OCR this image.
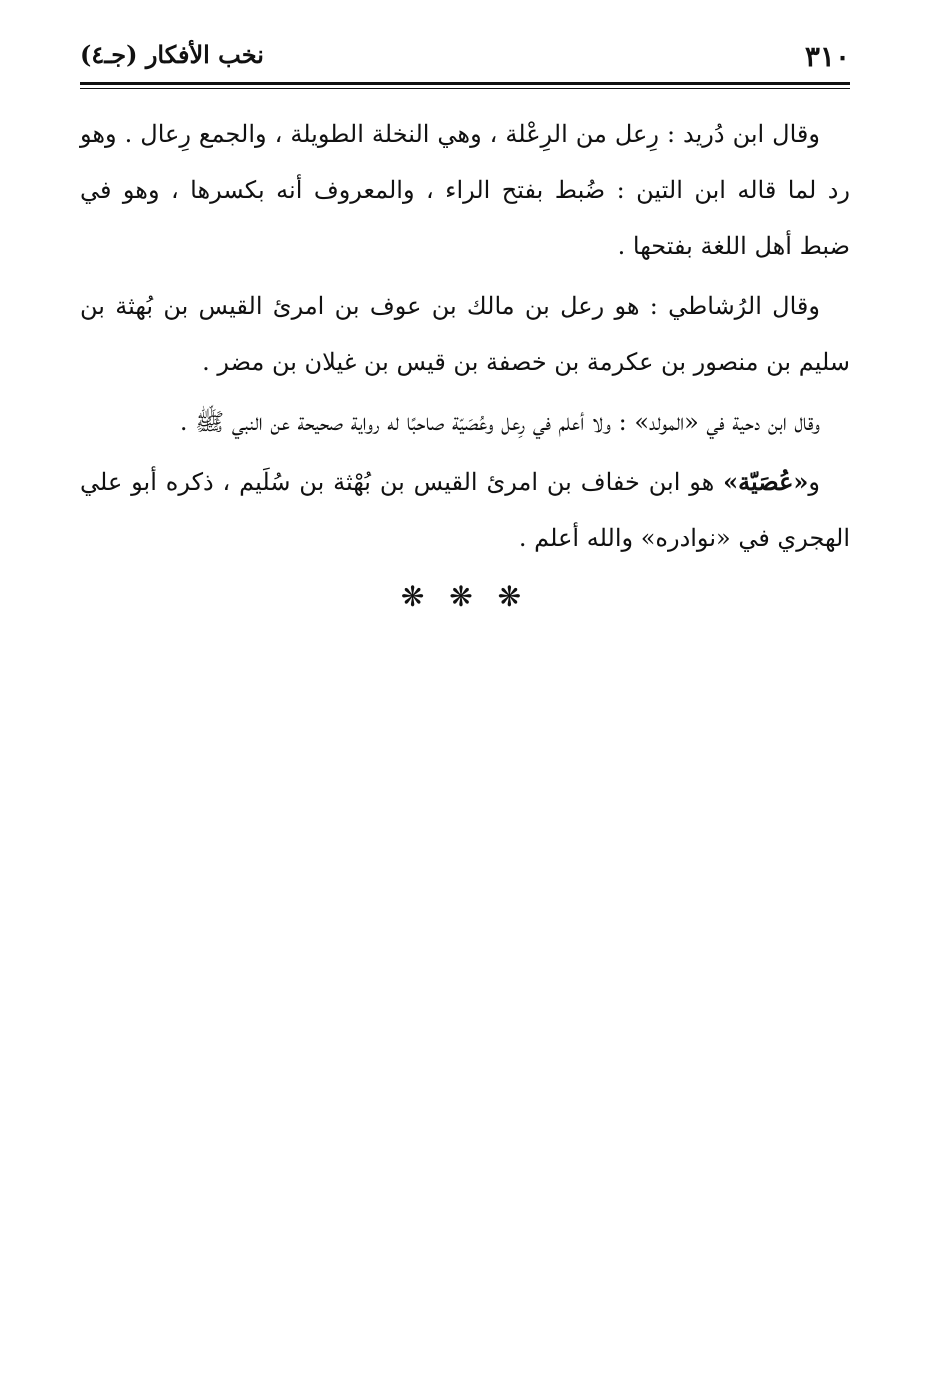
٣١٠
نخب الأفكار (جـ٤)

وقال ابن دُريد : رِعل من الرِعْلة ، وهي النخلة الطويلة ، والجمع رِعال . وهو رد لما قاله ابن التين : ضُبط بفتح الراء ، والمعروف أنه بكسرها ، وهو في ضبط أهل اللغة بفتحها .

وقال الرُشاطي : هو رعل بن مالك بن عوف بن امرئ القيس بن بُهثة بن سليم بن منصور بن عكرمة بن خصفة بن قيس بن غيلان بن مضر .

وقال ابن دحية في «المولد» : ولا أعلم في رِعل وعُصَيّة صاحبًا له رواية صحيحة عن النبي ﷺ .

و«عُصَيّة» هو ابن خفاف بن امرئ القيس بن بُهْثة بن سُلَيم ، ذكره أبو علي الهجري في «نوادره» والله أعلم .

❋ ❋ ❋
